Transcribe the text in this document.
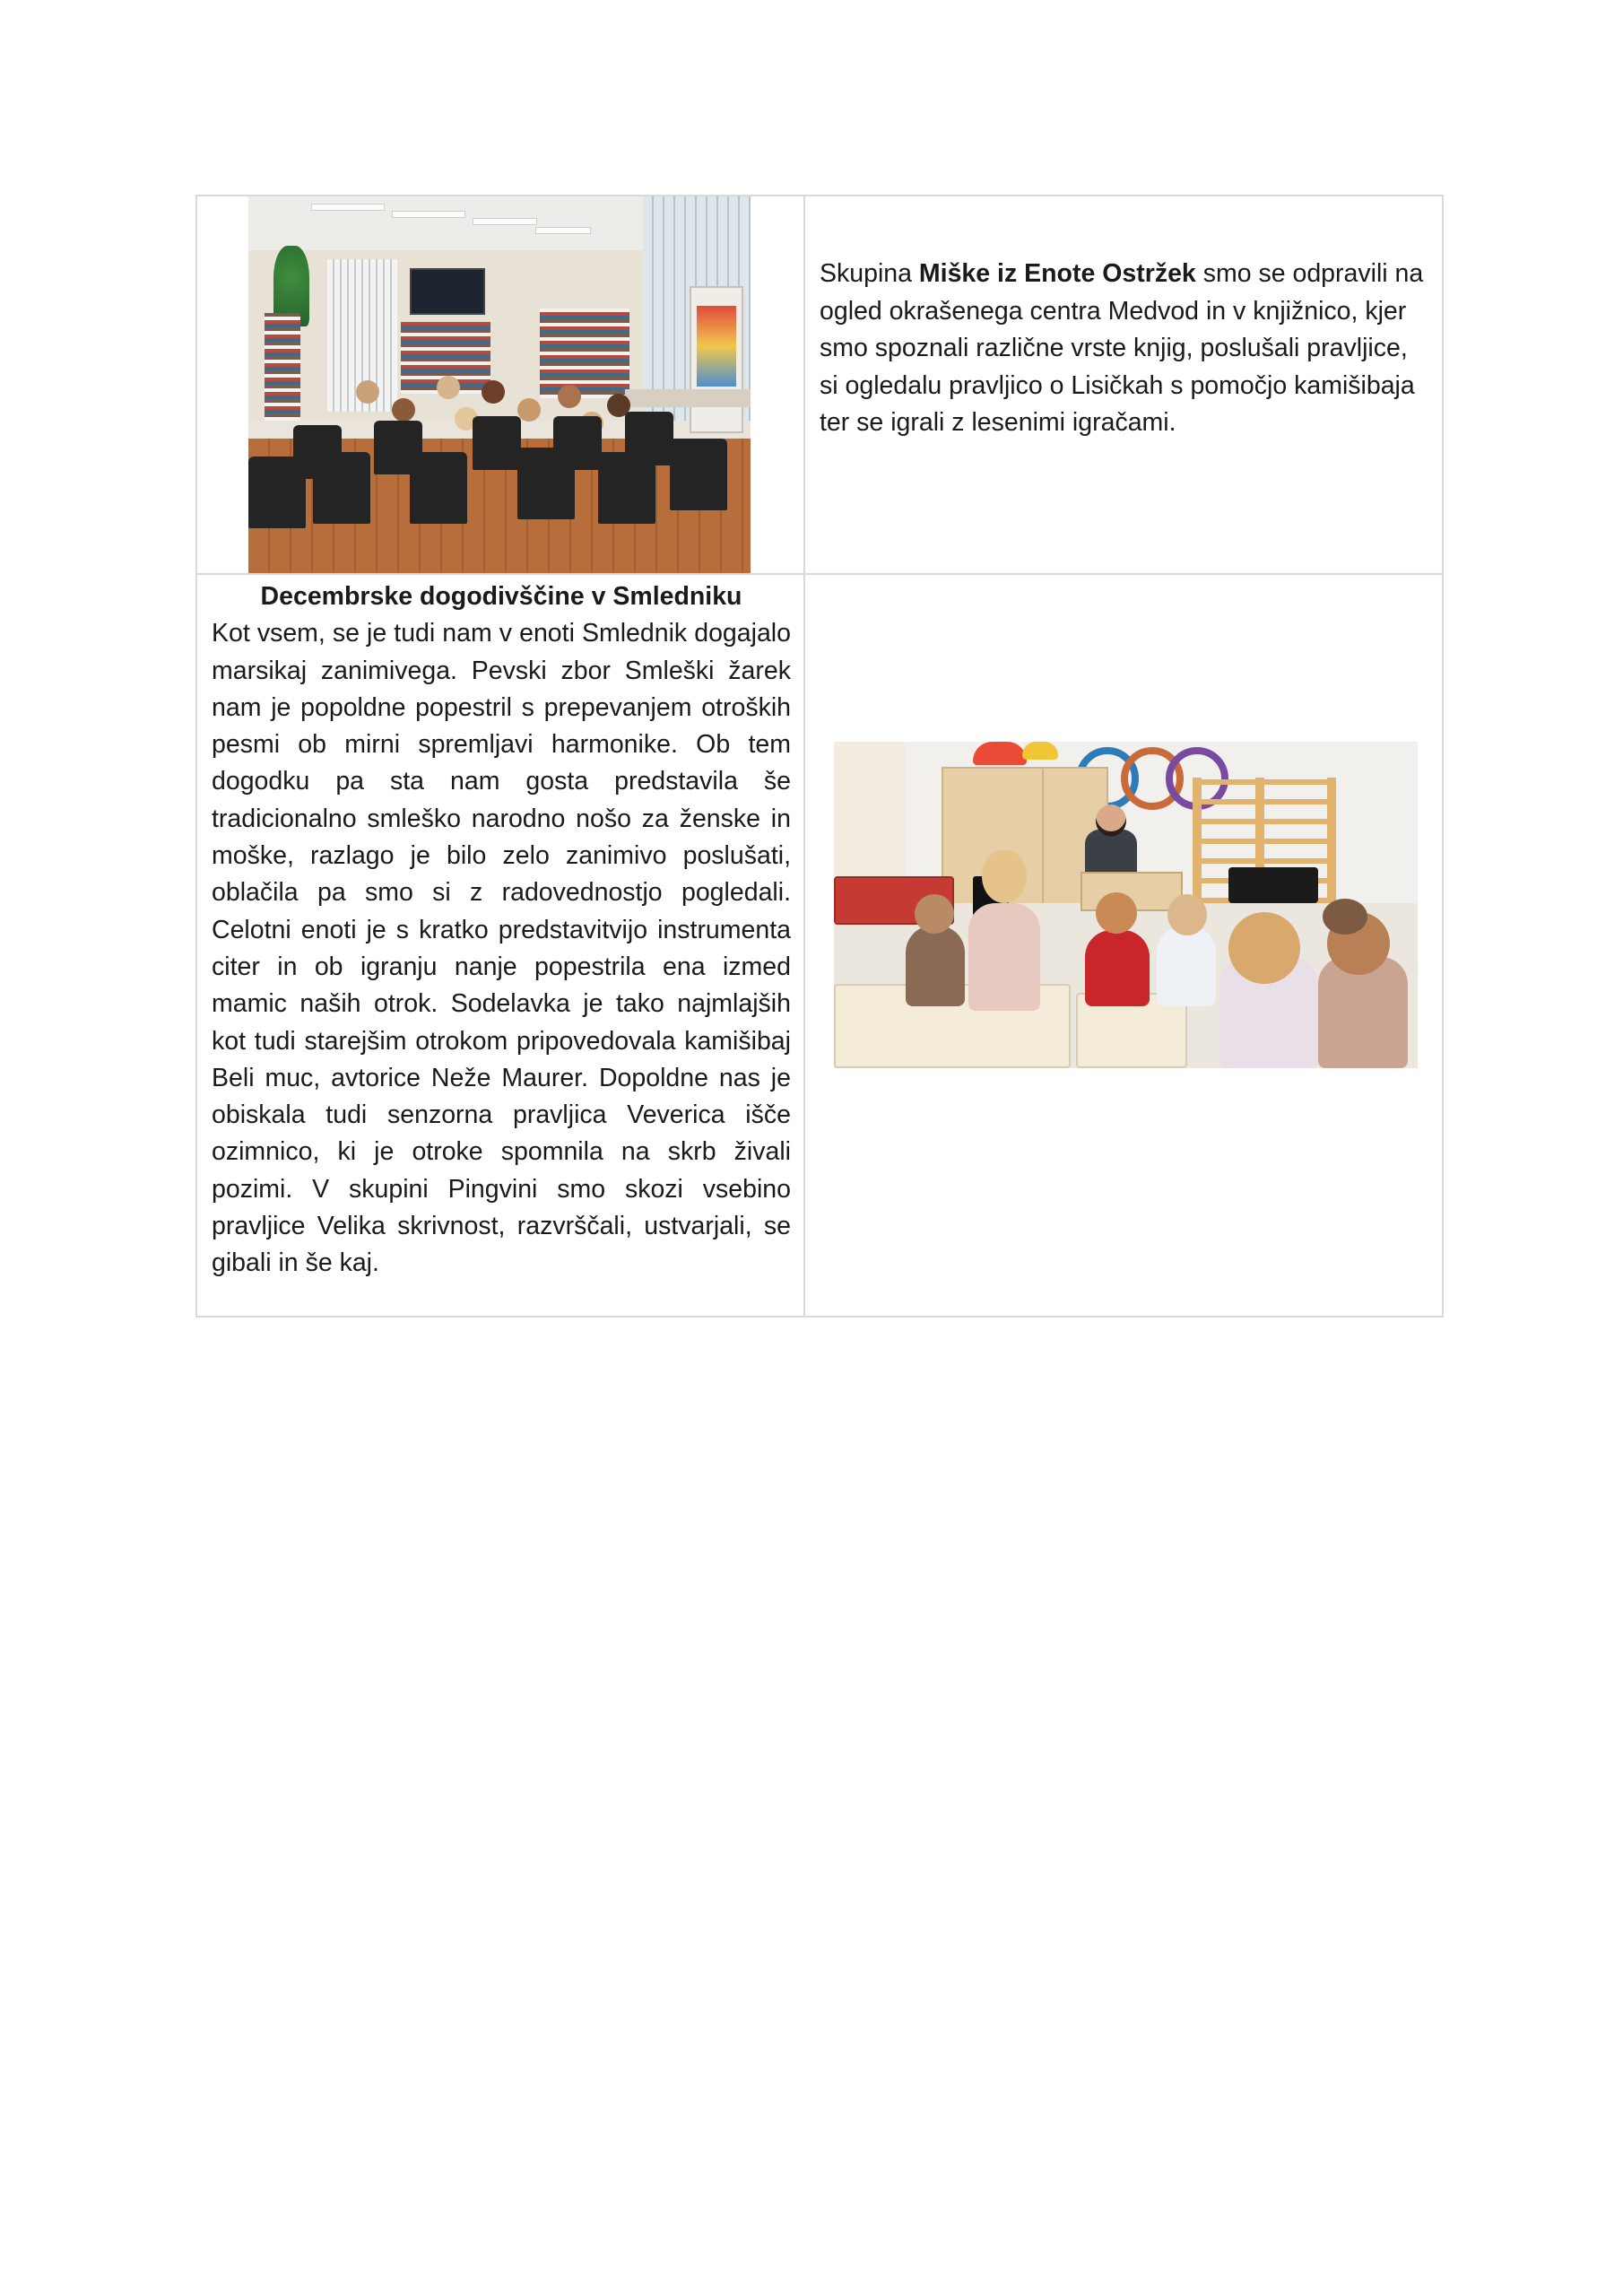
	Skupina Miške iz Enote Ostržek smo se odpravili na ogled okrašenega centra Medvod in v knjižnico, kjer smo spoznali različne vrste knjig, poslušali pravljice, si ogledalu pravljico o Lisičkah s pomočjo kamišibaja ter se igrali z lesenimi igračami.

Decembrske dogodivščine v Smledniku
Kot vsem, se je tudi nam v enoti Smlednik dogajalo marsikaj zanimivega. Pevski zbor Smleški žarek nam je popoldne popestril s prepevanjem otroških pesmi ob mirni spremljavi harmonike. Ob tem dogodku pa sta nam gosta predstavila še tradicionalno smleško narodno nošo za ženske in moške, razlago je bilo zelo zanimivo poslušati, oblačila pa smo si z radovednostjo pogledali. Celotni enoti je s kratko predstavitvijo instrumenta citer in ob igranju nanje popestrila ena izmed mamic naših otrok. Sodelavka je tako najmlajših kot tudi starejšim otrokom pripovedovala kamišibaj Beli muc, avtorice Neže Maurer. Dopoldne nas je obiskala tudi senzorna pravljica Veverica išče ozimnico, ki je otroke spomnila na skrb živali pozimi. V skupini Pingvini smo skozi vsebino pravljice Velika skrivnost, razvrščali, ustvarjali, se gibali in še kaj.	
